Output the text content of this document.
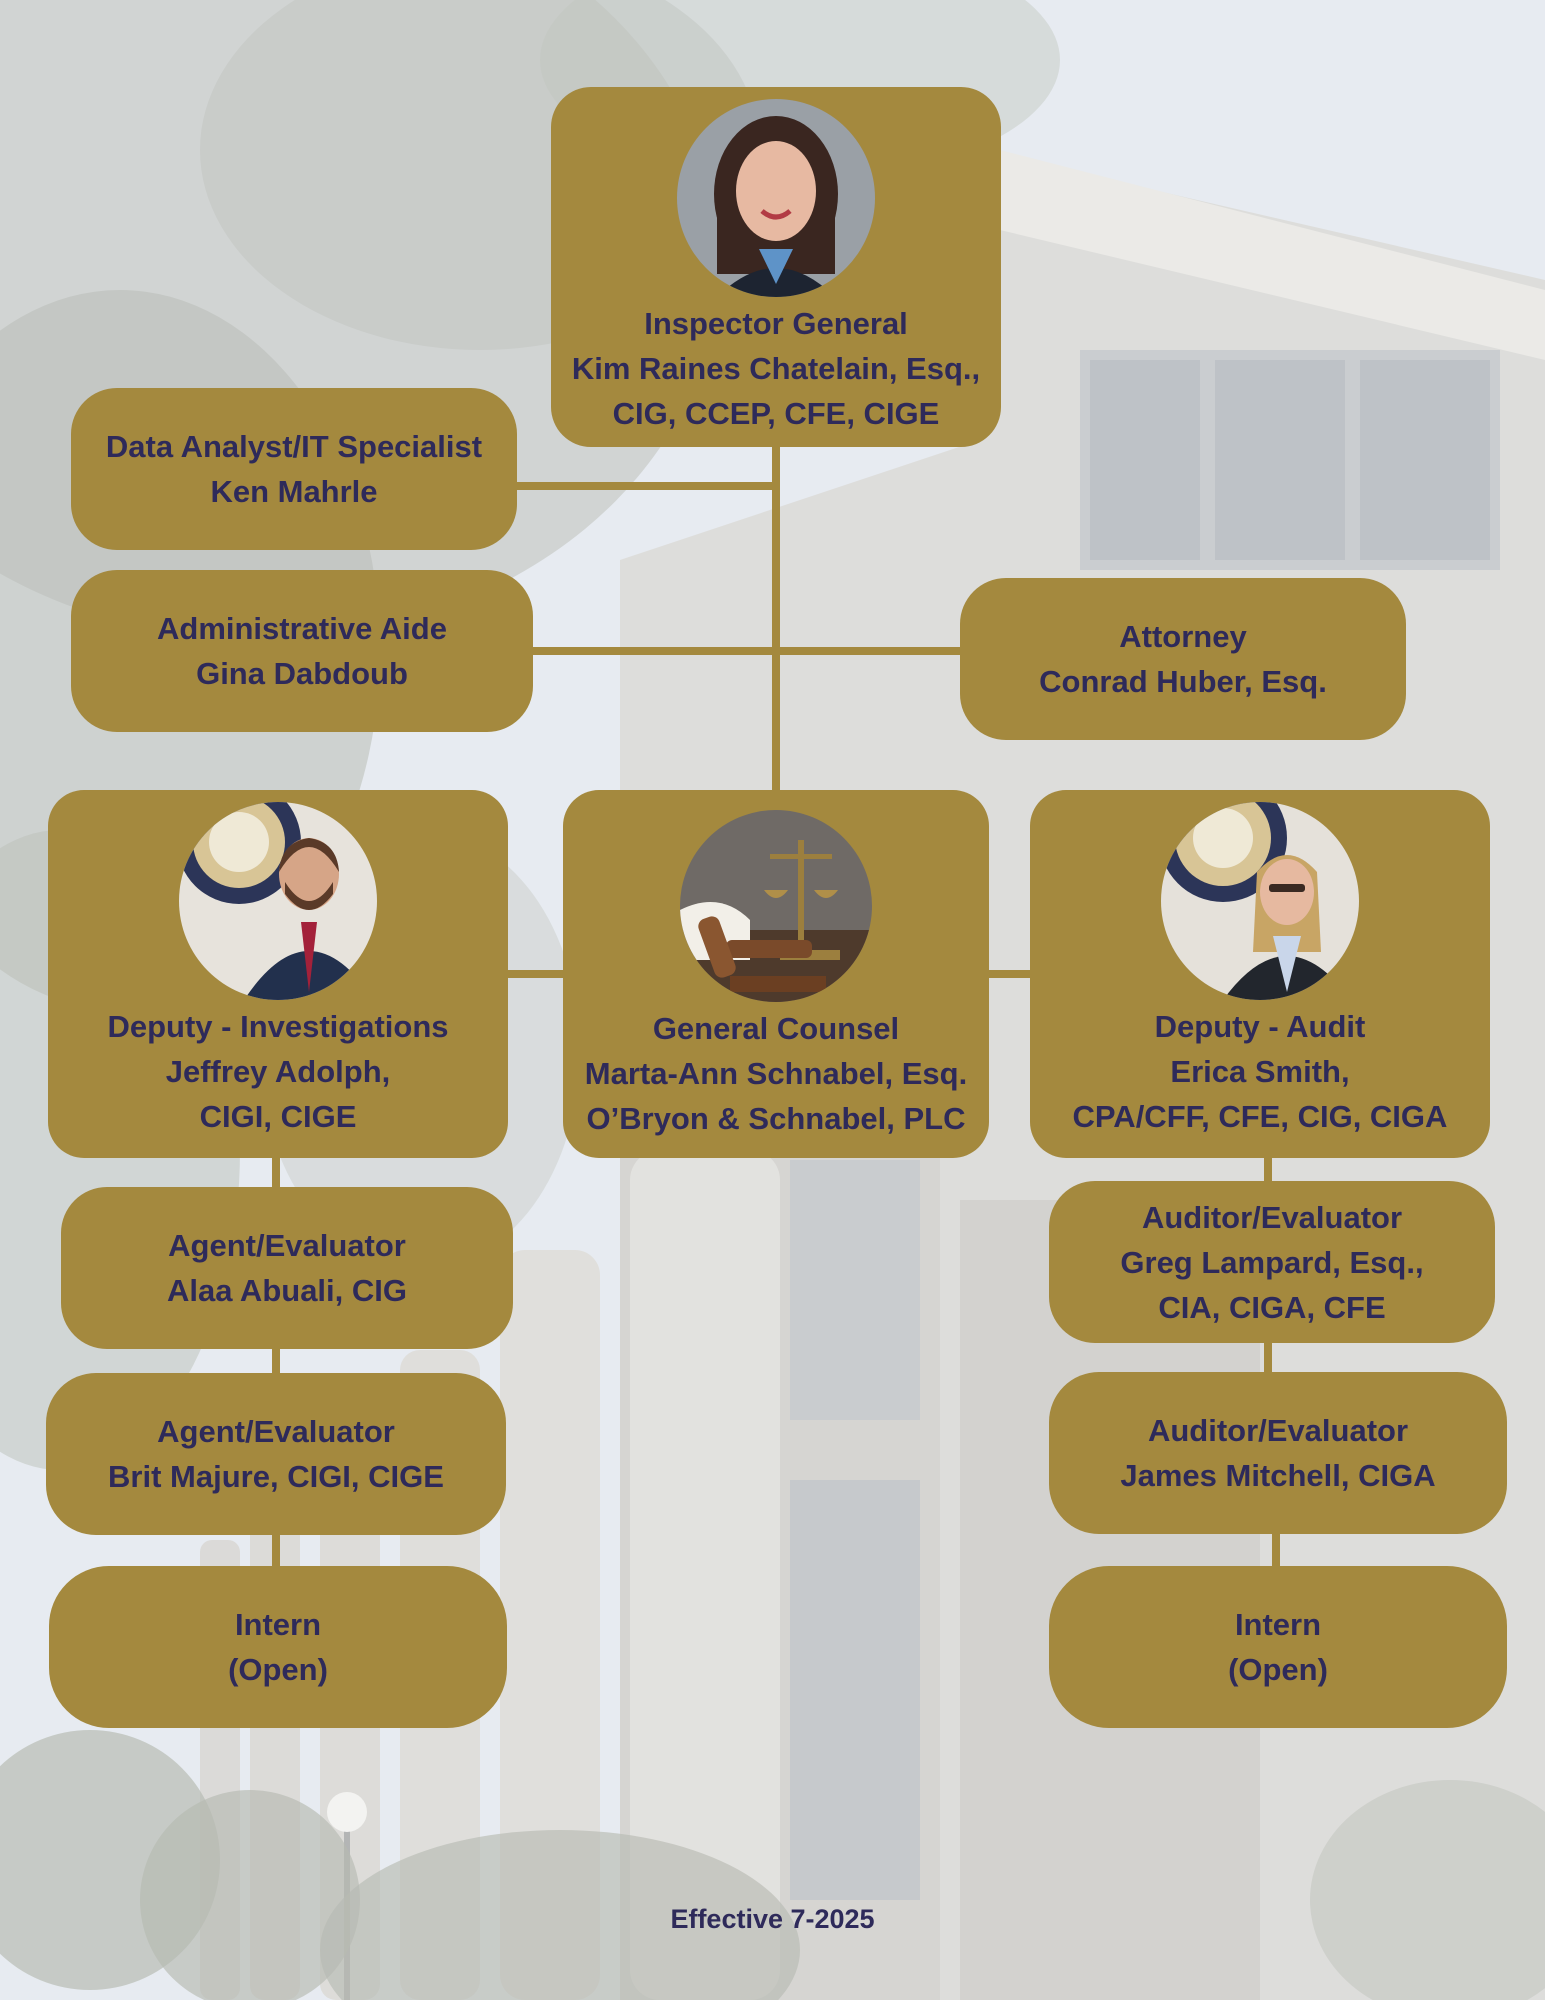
Inspector General
Kim Raines Chatelain, Esq.,
CIG, CCEP, CFE, CIGE
Data Analyst/IT Specialist
Ken Mahrle
Administrative Aide
Gina Dabdoub
Attorney
Conrad Huber, Esq.
Deputy - Investigations
Jeffrey Adolph,
CIGI, CIGE
General Counsel
Marta-Ann Schnabel, Esq.
O’Bryon & Schnabel, PLC
Deputy - Audit
Erica Smith,
CPA/CFF, CFE, CIG, CIGA
Agent/Evaluator
Alaa Abuali, CIG
Agent/Evaluator
Brit Majure, CIGI, CIGE
Intern
(Open)
Auditor/Evaluator
Greg Lampard, Esq.,
CIA, CIGA, CFE
Auditor/Evaluator
James Mitchell, CIGA
Intern
(Open)
Effective 7-2025
